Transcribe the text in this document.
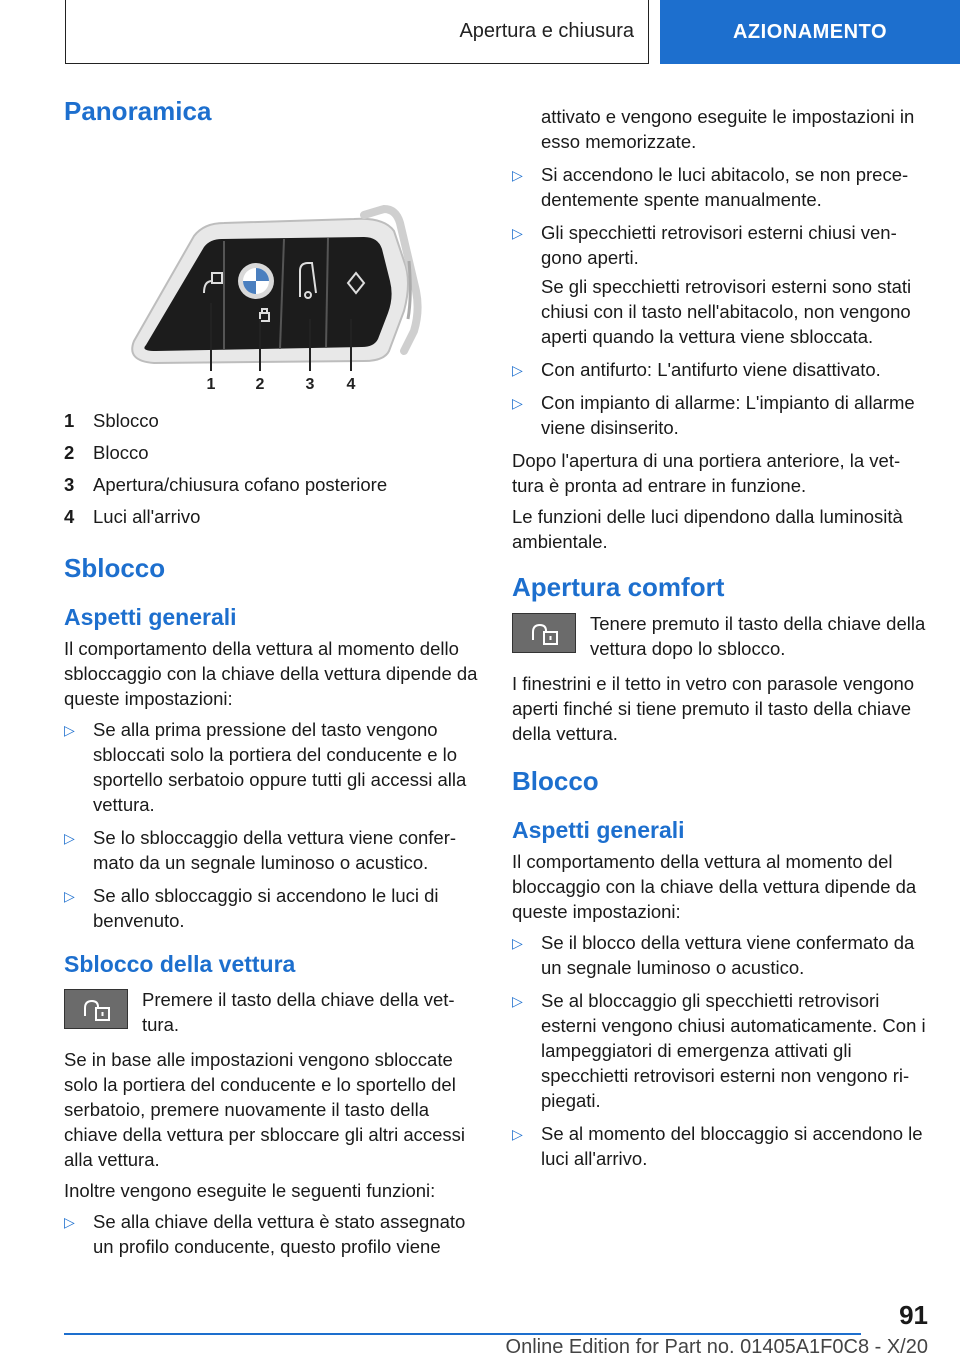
Apertura e chiusura	AZIONAMENTO
Panoramica
1	2	3 4
1	Sblocco
2	Blocco
3	Apertura/chiusura cofano posteriore
4	Luci all'arrivo
Sblocco
Aspetti generali

Il comportamento della vettura al momento dello sbloccaggio con la chiave della vettura dipende da queste impostazioni:

▷ Se alla prima pressione del tasto vengono sbloccati solo la portiera del conducente e lo sportello serbatoio oppure tutti gli accessi alla vettura.
▷ Se lo sbloccaggio della vettura viene confer‐ mato da un segnale luminoso o acustico.
▷ Se allo sbloccaggio si accendono le luci di benvenuto.
Sblocco della vettura
Premere il tasto della chiave della vet‐ tura.

Se in base alle impostazioni vengono sbloccate solo la portiera del conducente e lo sportello del serbatoio, premere nuovamente il tasto della chiave della vettura per sbloccare gli altri accessi alla vettura.

Inoltre vengono eseguite le seguenti funzioni:

▷ Se alla chiave della vettura è stato assegnato un profilo conducente, questo profilo viene
attivato e vengono eseguite le impostazioni in esso memorizzate.
▷ Si accendono le luci abitacolo, se non prece‐ dentemente spente manualmente.
▷ Gli specchietti retrovisori esterni chiusi ven‐ gono aperti.
Se gli specchietti retrovisori esterni sono stati chiusi con il tasto nell'abitacolo, non vengono aperti quando la vettura viene sbloccata.
▷ Con antifurto: L'antifurto viene disattivato.
▷ Con impianto di allarme: L'impianto di allarme viene disinserito.

Dopo l'apertura di una portiera anteriore, la vet‐ tura è pronta ad entrare in funzione.

Le funzioni delle luci dipendono dalla luminosità ambientale.

Apertura comfort
Tenere premuto il tasto della chiave della vettura dopo lo sblocco.

I finestrini e il tetto in vetro con parasole vengono aperti finché si tiene premuto il tasto della chiave della vettura.

Blocco
Aspetti generali

Il comportamento della vettura al momento del bloccaggio con la chiave della vettura dipende da queste impostazioni:

▷ Se il blocco della vettura viene confermato da un segnale luminoso o acustico.
▷ Se al bloccaggio gli specchietti retrovisori esterni vengono chiusi automaticamente. Con i lampeggiatori di emergenza attivati gli specchietti retrovisori esterni non vengono ri‐ piegati.
▷ Se al momento del bloccaggio si accendono le luci all'arrivo.
91
Online Edition for Part no. 01405A1F0C8 - X/20
